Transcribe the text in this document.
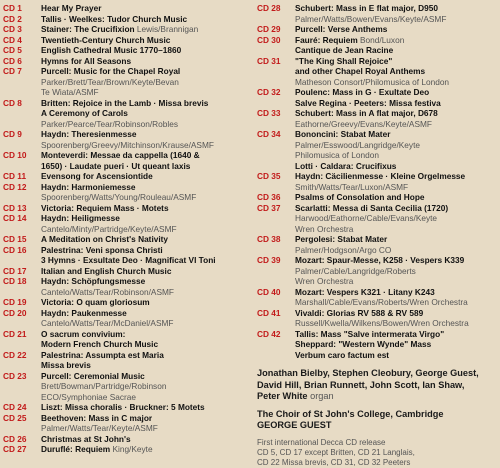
CD 1	Hear My Prayer
CD 2	Tallis · Weelkes: Tudor Church Music
CD 3	Stainer: The Crucifixion Lewis/Brannigan
CD 4	Twentieth-Century Church Music
CD 5	English Cathedral Music 1770–1860
CD 6	Hymns for All Seasons
CD 7	Purcell: Music for the Chapel Royal
Parker/Brett/Tear/Brown/Keyte/Bevan
Te Wiata/ASMF
CD 8	Britten: Rejoice in the Lamb · Missa brevis
A Ceremony of Carols
Parker/Pearce/Tear/Robinson/Robles
CD 9	Haydn: Theresienmesse
Spoorenberg/Greevy/Mitchinson/Krause/ASMF
CD 10	Monteverdi: Messae da cappella (1640 &
1650) · Laudate pueri · Ut queant laxis
CD 11	Evensong for Ascensiontide
CD 12	Haydn: Harmoniemesse
Spoorenberg/Watts/Young/Rouleau/ASMF
CD 13	Victoria: Requiem Mass · Motets
CD 14	Haydn: Heiligmesse
Cantelo/Minty/Partridge/Keyte/ASMF
CD 15	A Meditation on Christ's Nativity
CD 16	Palestrina: Veni sponsa Christi
3 Hymns · Exsultate Deo · Magnificat VI Toni
CD 17	Italian and English Church Music
CD 18	Haydn: Schöpfungsmesse
Cantelo/Watts/Tear/Robinson/ASMF
CD 19	Victoria: O quam gloriosum
CD 20	Haydn: Paukenmesse
Cantelo/Watts/Tear/McDaniel/ASMF
CD 21	O sacrum convivium:
Modern French Church Music
CD 22	Palestrina: Assumpta est Maria
Missa brevis
CD 23	Purcell: Ceremonial Music
Brett/Bowman/Partridge/Robinson
ECO/Symphoniae Sacrae
CD 24	Liszt: Missa choralis · Bruckner: 5 Motets
CD 25	Beethoven: Mass in C major
Palmer/Watts/Tear/Keyte/ASMF
CD 26	Christmas at St John's
CD 27	Duruflé: Requiem King/Keyte
CD 28	Schubert: Mass in E flat major, D950
Palmer/Watts/Bowen/Evans/Keyte/ASMF
CD 29	Purcell: Verse Anthems
CD 30	Fauré: Requiem Bond/Luxon
Cantique de Jean Racine
CD 31	"The King Shall Rejoice"
and other Chapel Royal Anthems
Matheson Consort/Philomusica of London
CD 32	Poulenc: Mass in G · Exultate Deo
Salve Regina · Peeters: Missa festiva
CD 33	Schubert: Mass in A flat major, D678
Eathorne/Greevy/Evans/Keyte/ASMF
CD 34	Bononcini: Stabat Mater
Palmer/Esswood/Langridge/Keyte
Philomusica of London
Lotti · Caldara: Crucifixus
CD 35	Haydn: Cäcilienmesse · Kleine Orgelmesse
Smith/Watts/Tear/Luxon/ASMF
CD 36	Psalms of Consolation and Hope
CD 37	Scarlatti: Messa di Santa Cecilia (1720)
Harwood/Eathorne/Cable/Evans/Keyte
Wren Orchestra
CD 38	Pergolesi: Stabat Mater
Palmer/Hodgson/Argo CO
CD 39	Mozart: Spaur-Messe, K258 · Vespers K339
Palmer/Cable/Langridge/Roberts
Wren Orchestra
CD 40	Mozart: Vespers K321 · Litany K243
Marshall/Cable/Evans/Roberts/Wren Orchestra
CD 41	Vivaldi: Glorias RV 588 & RV 589
Russell/Kwella/Wilkens/Bowen/Wren Orchestra
CD 42	Tallis: Mass "Salve intermerata Virgo"
Sheppard: "Western Wynde" Mass
Verbum caro factum est
Jonathan Bielby, Stephen Cleobury, George Guest,
David Hill, Brian Runnett, John Scott, Ian Shaw,
Peter White organ
The Choir of St John's College, Cambridge
GEORGE GUEST
First international Decca CD release
CD 5, CD 17 except Britten, CD 21 Langlais,
CD 22 Missa brevis, CD 31, CD 32 Peeters
